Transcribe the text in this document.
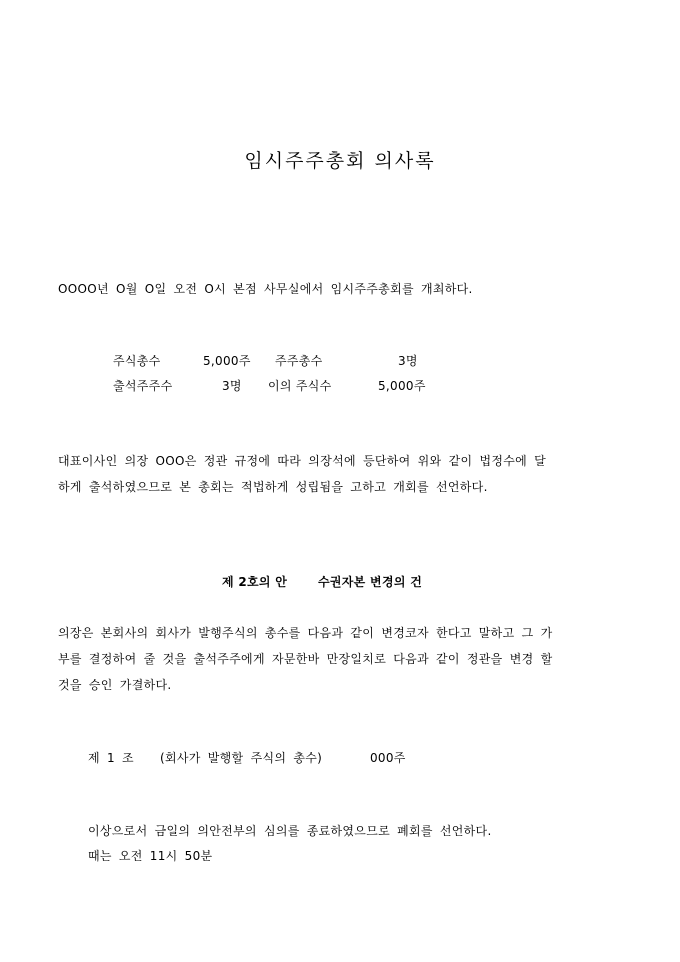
임시주주총회 의사록
OOOO년 O월 O일 오전 O시 본점 사무실에서 임시주주총회를 개최하다.
주식총수	5,000주 주주총수	3명
출석주주수	3명 이의 주식수	5,000주
대표이사인 의장 OOO은 정관 규정에 따라 의장석에 등단하여 위와 같이 법정수에 달
하게 출석하였으므로 본 총회는 적법하게 성립됨을 고하고 개회를 선언하다.
제 2호의 안	수권자본 변경의 건
의장은 본회사의 회사가 발행주식의 총수를 다음과 같이 변경코자 한다고 말하고 그 가
부를 결정하여 줄 것을 출석주주에게 자문한바 만장일치로 다음과 같이 정관을 변경 할
것을 승인 가결하다.
제 1 조 (회사가 발행할 주식의 총수)	000주
이상으로서 금일의 의안전부의 심의를 종료하였으므로 폐회를 선언하다.
때는 오전 11시 50분
